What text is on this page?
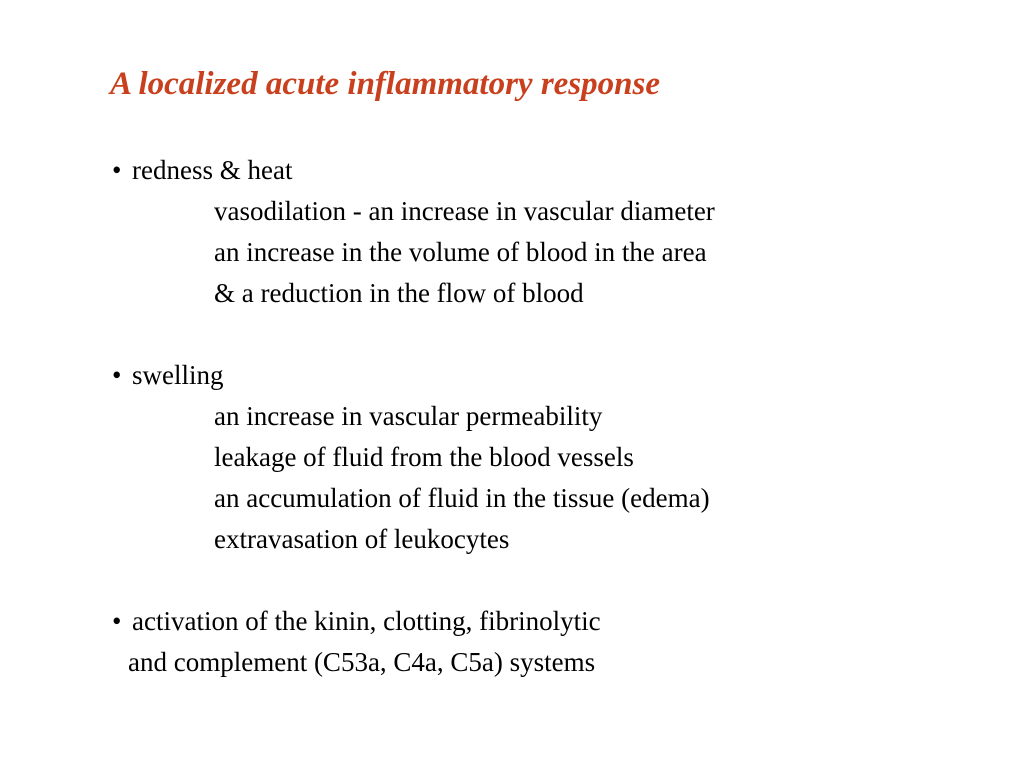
A localized acute inflammatory response
• redness & heat
vasodilation - an increase in vascular diameter
an increase in the volume of blood in the area
& a reduction in the flow of blood
• swelling
an increase in vascular permeability
leakage of fluid from the blood vessels
an accumulation of fluid in the tissue (edema)
extravasation of leukocytes
• activation of the kinin, clotting, fibrinolytic
and complement (C53a, C4a, C5a) systems
